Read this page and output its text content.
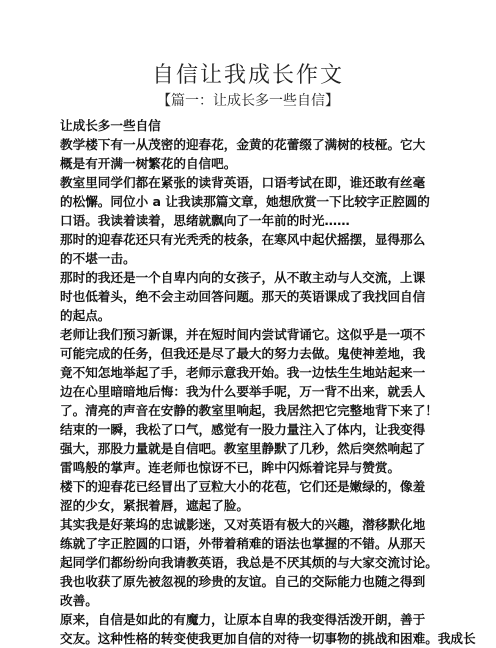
自信让我成长作文
【篇一：让成长多一些自信】
让成长多一些自信
教学楼下有一从茂密的迎春花，金黄的花蕾缀了满树的枝桠。它大
概是有开满一树繁花的自信吧。
教室里同学们都在紧张的读背英语，口语考试在即，谁还敢有丝毫
的松懈。同位小 a 让我读那篇文章，她想欣赏一下比较字正腔圆的
口语。我读着读着，思绪就飘向了一年前的时光……
那时的迎春花还只有光秃秃的枝条，在寒风中起伏摇摆，显得那么
的不堪一击。
那时的我还是一个自卑内向的女孩子，从不敢主动与人交流，上课
时也低着头，绝不会主动回答问题。那天的英语课成了我找回自信
的起点。
老师让我们预习新课，并在短时间内尝试背诵它。这似乎是一项不
可能完成的任务，但我还是尽了最大的努力去做。鬼使神差地，我
竟不知怎地举起了手，老师示意我开始。我一边怯生生地站起来一
边在心里暗暗地后悔：我为什么要举手呢，万一背不出来，就丢人
了。清亮的声音在安静的教室里响起，我居然把它完整地背下来了！
结束的一瞬，我松了口气，感觉有一股力量注入了体内，让我变得
强大，那股力量就是自信吧。教室里静默了几秒，然后突然响起了
雷鸣般的掌声。连老师也惊讶不已，眸中闪烁着诧异与赞赏。
楼下的迎春花已经冒出了豆粒大小的花苞，它们还是嫩绿的，像羞
涩的少女，紧抿着唇，遮起了脸。
其实我是好莱坞的忠诚影迷，又对英语有极大的兴趣，潜移默化地
练就了字正腔圆的口语，外带着稍难的语法也掌握的不错。从那天
起同学们都纷纷向我请教英语，我总是不厌其烦的与大家交流讨论。
我也收获了原先被忽视的珍贵的友谊。自己的交际能力也随之得到
改善。
原来，自信是如此的有魔力，让原本自卑的我变得活泼开朗，善于
交友。这种性格的转变使我更加自信的对待一切事物的挑战和困难。我成长
